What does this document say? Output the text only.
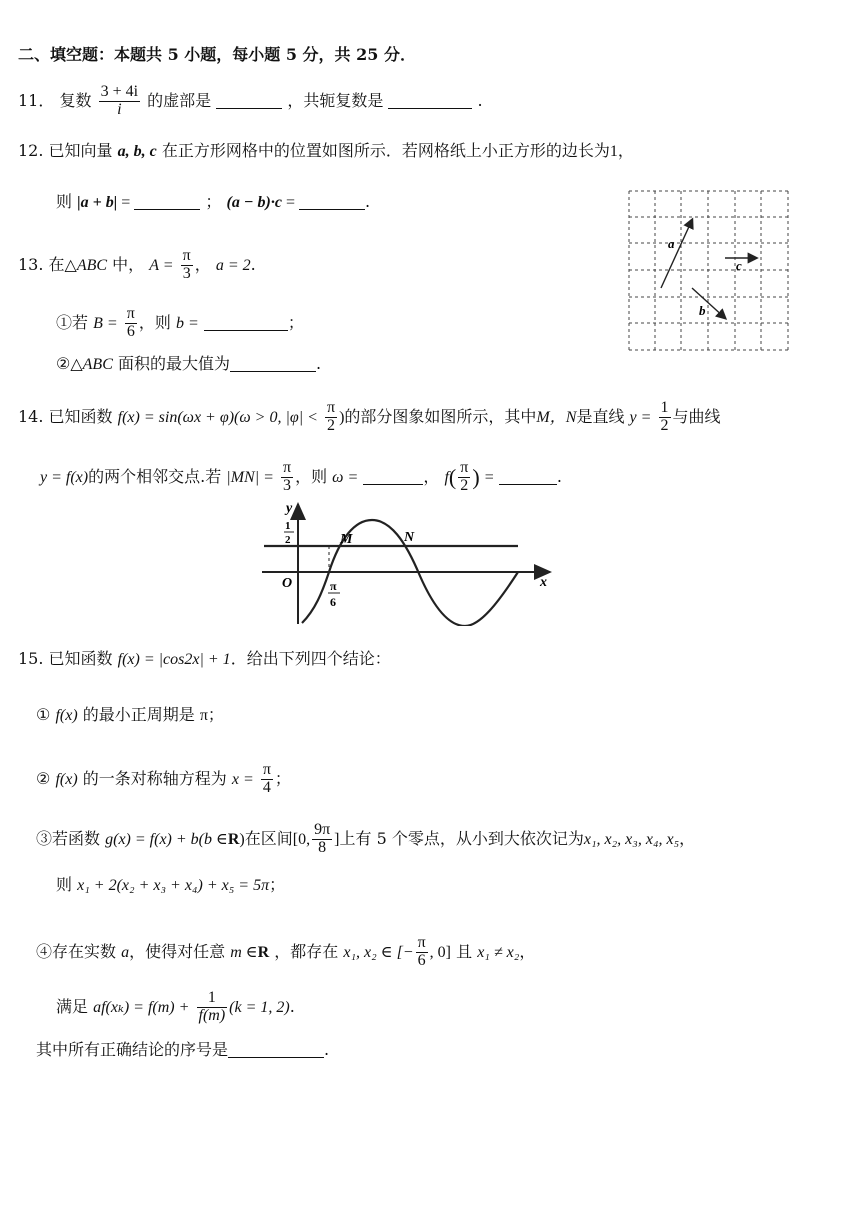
二、填空题：本题共 5 小题，每小题 5 分，共 25 分．
11． 复数 $\frac{3 + 4i}{i}$ 的虚部是	，共轭复数是	.
12. 已知向量 a, b, c 在正方形网格中的位置如图所示．若网格纸上小正方形的边长为1，
则 |a + b| =	； (a − b)·c =	.
a
c
b
13. 在△ABC 中， $A = \frac{\pi}{3}$ ， a = 2.
①若 $B = \frac{\pi}{6}$ ，则 b =	；
②△ABC 面积的最大值为	.
14. 已知函数 f(x) = sin(ωx + φ)(ω > 0, $|\varphi| < \frac{\pi}{2}$ )的部分图象如图所示，其中M，N是直线 $y = \frac{1}{2}$ 与曲线
y = f(x)的两个相邻交点.若 $|MN| = \frac{\pi}{3}$ ，则 ω =	， $f( \frac{\pi}{2}$ ) =	.
y
x
O
M	N
1
2
π
6
15. 已知函数 f(x) = |cos2x| + 1．给出下列四个结论：
① f(x) 的最小正周期是 π；
② f(x) 的一条对称轴方程为 $x = \frac{\pi}{4}$ ；
③若函数 g(x) = f(x) + b(b ∈R)在区间[0, $\frac{9\pi}{8}$ ]上有 5 个零点，从小到大依次记为x₁, x₂, x₃, x₄, x₅，
则 x₁ + 2(x₂ + x₃ + x₄) + x₅ = 5π；
④存在实数 a，使得对任意 m ∈R ，都存在 x₁, x₂ ∈ [− $\frac{\pi}{6}$ , 0] 且 x₁ ≠ x₂，
满足 $af(x_k) = f(m) + \frac{1}{f(m)} (k = 1$, 2).
其中所有正确结论的序号是	.
